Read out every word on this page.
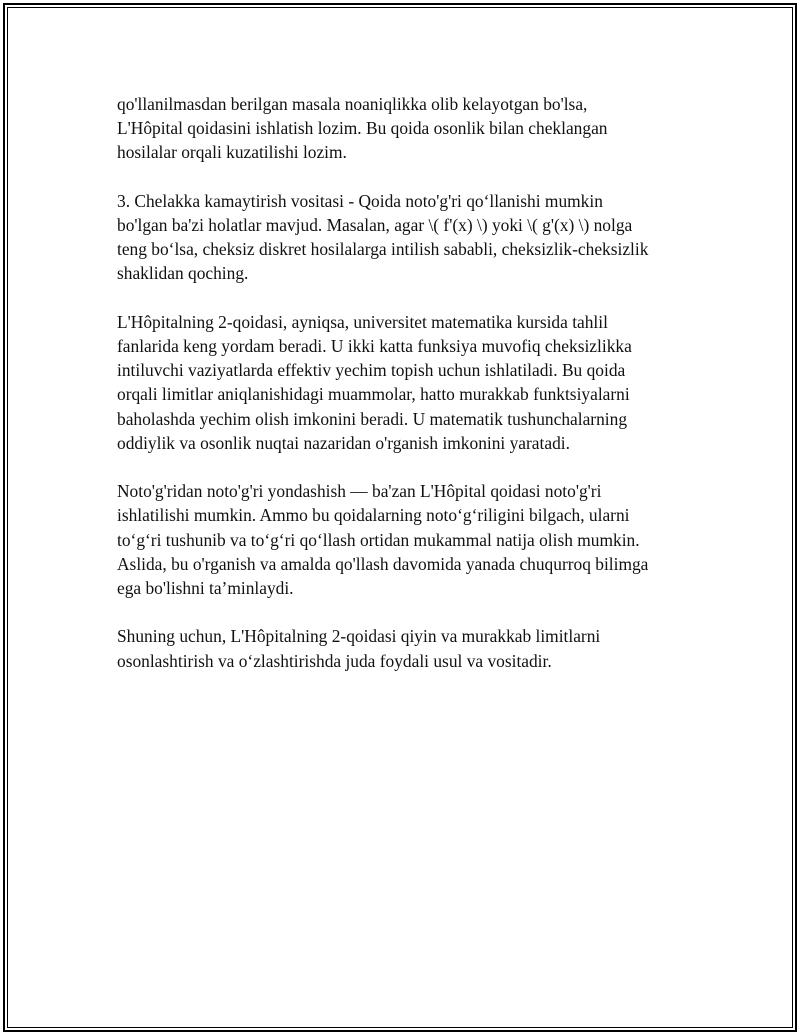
qo'llanilmasdan berilgan masala noaniqlikka olib kelayotgan bo'lsa,
L'Hôpital qoidasini ishlatish lozim. Bu qoida osonlik bilan cheklangan
hosilalar orqali kuzatilishi lozim.

3. Chelakka kamaytirish vositasi - Qoida noto'g'ri qo‘llanishi mumkin
bo'lgan ba'zi holatlar mavjud. Masalan, agar \( f'(x) \) yoki \( g'(x) \) nolga
teng bo‘lsa, cheksiz diskret hosilalarga intilish sababli, cheksizlik-cheksizlik
shaklidan qoching.

L'Hôpitalning 2-qoidasi, ayniqsa, universitet matematika kursida tahlil
fanlarida keng yordam beradi. U ikki katta funksiya muvofiq cheksizlikka
intiluvchi vaziyatlarda effektiv yechim topish uchun ishlatiladi. Bu qoida
orqali limitlar aniqlanishidagi muammolar, hatto murakkab funktsiyalarni
baholashda yechim olish imkonini beradi. U matematik tushunchalarning
oddiylik va osonlik nuqtai nazaridan o'rganish imkonini yaratadi.

Noto'g'ridan noto'g'ri yondashish — ba'zan L'Hôpital qoidasi noto'g'ri
ishlatilishi mumkin. Ammo bu qoidalarning noto‘g‘riligini bilgach, ularni
to‘g‘ri tushunib va to‘g‘ri qo‘llash ortidan mukammal natija olish mumkin.
Aslida, bu o'rganish va amalda qo'llash davomida yanada chuqurroq bilimga
ega bo'lishni ta’minlaydi.

Shuning uchun, L'Hôpitalning 2-qoidasi qiyin va murakkab limitlarni
osonlashtirish va o‘zlashtirishda juda foydali usul va vositadir.
